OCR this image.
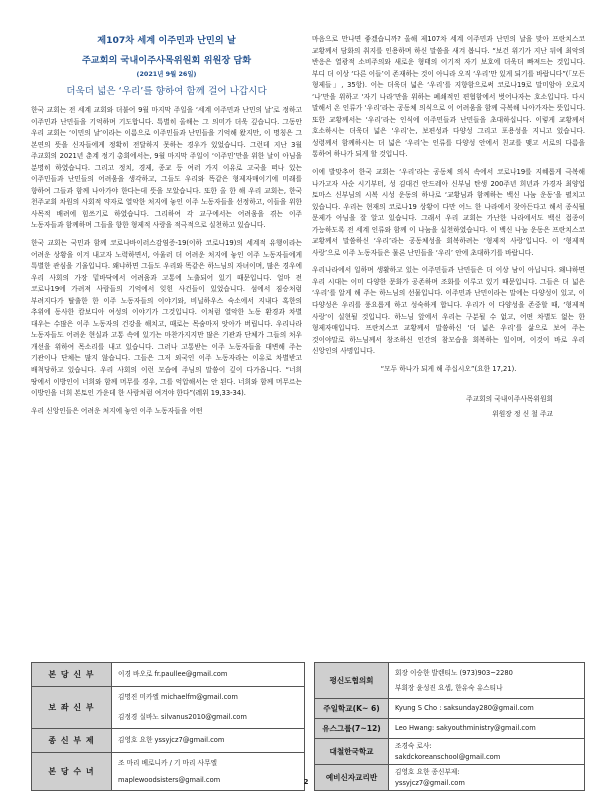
제107차 세계 이주민과 난민의 날
주교회의 국내이주사목위원회 위원장 담화
(2021년 9월 26일)
더욱더 넓은 ‘우리’를 향하여 함께 걸어 나갑시다

한국 교회는 전 세계 교회와 더불어 9월 마지막 주일을 ‘세계 이주민과 난민의 날’로 정하고 이주민과 난민들을 기억하며 기도합니다. 특별히 올해는 그 의미가 더욱 깊습니다. 그동안 우리 교회는 ‘이민의 날’이라는 이름으로 이주민들과 난민들을 기억해 왔지만, 이 명칭은 그 본연의 뜻을 신자들에게 정확히 전달하지 못하는 경우가 있었습니다. 그런데 지난 3월 주교회의 2021년 춘계 정기 총회에서는, 9월 마지막 주일이 ‘이주민’만을 위한 날이 아님을 분명히 하였습니다. 그리고 정치, 경제, 종교 등 여러 가지 이유로 고국을 떠나 있는 이주민들과 난민들의 어려움을 생각하고, 그들도 우리와 똑같은 형제자매이기에 미래를 향하여 그들과 함께 나아가야 한다는데 뜻을 모았습니다. 또한 올 한 해 우리 교회는, 한국 천주교회 차원의 사회적 약자로 열악한 처지에 놓인 이주 노동자들을 선정하고, 이들을 위한 사목적 배려에 힘쓰기로 하였습니다. 그리하여 각 교구에서는 어려움을 겪는 이주 노동자들과 함께하며 그들을 향한 형제적 사랑을 적극적으로 실천하고 있습니다.

한국 교회는 국민과 함께 코로나바이러스감염증-19(이하 코로나19)의 세계적 유행이라는 어려운 상황을 이겨 내고자 노력하면서, 아울러 더 어려운 처지에 놓인 이주 노동자들에게 특별한 관심을 기울입니다. 왜냐하면 그들도 우리와 똑같은 하느님의 자녀이며, 많은 경우에 우리 사회의 가장 밑바닥에서 어려움과 고통에 노출되어 있기 때문입니다. 얼마 전 코로나19에 가려져 사람들의 기억에서 잊힌 사건들이 있었습니다. 섬에서 짐승처럼 부려지다가 탈출한 한 이주 노동자들의 이야기와, 비닐하우스 숙소에서 지내다 혹한의 추위에 동사한 캄보디아 여성의 이야기가 그것입니다. 이처럼 열악한 노동 환경과 차별 대우는 수많은 이주 노동자의 건강을 해치고, 때로는 목숨마저 앗아가 버립니다. 우리나라 노동자들도 어려운 현실과 고통 속에 있기는 마찬가지지만 많은 기관과 단체가 그들의 처우 개선을 위하여 목소리를 내고 있습니다. 그러나 고통받는 이주 노동자들을 대변해 주는 기관이나 단체는 많지 않습니다. 그들은 그저 외국인 이주 노동자라는 이유로 차별받고 배척당하고 있습니다. 우리 사회의 이런 모습에 주님의 말씀이 깊이 다가옵니다. “너희 땅에서 이방인이 너희와 함께 머무를 경우, 그를 억압해서는 안 된다. 너희와 함께 머무르는 이방인을 너희 본토인 가운데 한 사람처럼 여겨야 한다”(레위 19,33-34).

우리 신앙인들은 어려운 처지에 놓인 이주 노동자들을 어떤

마음으로 만나면 좋겠습니까? 올해 제107차 세계 이주민과 난민의 날을 맞아 프란치스코 교황께서 담화의 취지를 인용하며 하신 말씀을 새겨 봅니다. “보건 위기가 지난 뒤에 최악의 반응은 열광적 소비주의와 새로운 형태의 이기적 자기 보호에 더욱더 빠져드는 것입니다. 부디 더 이상 ‘다른 이들’이 존재하는 것이 아니라 오직 ‘우리’만 있게 되기를 바랍니다”(「모든 형제들」, 35항). 이는 더욱더 넓은 ‘우리’를 지향함으로써 코로나19로 말미암아 오로지 ‘나’만을 위하고 ‘자기 나라’만을 위하는 폐쇄적인 편협함에서 벗어나자는 호소입니다. 다시 말해서 온 인류가 ‘우리’라는 공동체 의식으로 이 어려움을 함께 극복해 나아가자는 뜻입니다. 또한 교황께서는 ‘우리’라는 인식에 이주민들과 난민들을 초대하십니다. 이렇게 교황께서 호소하시는 더욱더 넓은 ‘우리’는, 보편성과 다양성 그리고 포용성을 지니고 있습니다. 성령께서 함께하시는 더 넓은 ‘우리’는 인류를 다양성 안에서 친교를 맺고 서로의 다름을 통하여 하나가 되게 할 것입니다.

이에 발맞추어 한국 교회는 ‘우리’라는 공동체 의식 속에서 코로나19를 지혜롭게 극복해 나가고자 사순 시기부터, 성 김대건 안드레아 신부님 탄생 200주년 희년과 가경자 최양업 토마스 신부님의 시복 시성 운동의 하나로 ‘교황님과 함께하는 백신 나눔 운동’을 펼치고 있습니다. 우리는 현재의 코로나19 상황이 다만 어느 한 나라에서 잦아든다고 해서 종식될 문제가 아님을 잘 알고 있습니다. 그래서 우리 교회는 가난한 나라에서도 백신 접종이 가능하도록 전 세계 인류와 함께 이 나눔을 실천하였습니다. 이 백신 나눔 운동은 프란치스코 교황께서 말씀하신 ‘우리’라는 공동체성을 회복하려는 ‘형제적 사랑’입니다. 이 ‘형제적 사랑’으로 이주 노동자들은 물론 난민들을 ‘우리’ 안에 초대하기를 바랍니다.

우리나라에서 일하며 생활하고 있는 이주민들과 난민들은 더 이상 남이 아닙니다. 왜냐하면 우리 시대는 이미 다양한 문화가 공존하며 조화를 이루고 있기 때문입니다. 그들은 더 넓은 ‘우리’를 알게 해 주는 하느님의 선물입니다. 이주민과 난민이라는 말에는 다양성이 있고, 이 다양성은 우리를 풍요롭게 하고 성숙하게 합니다. 우리가 이 다양성을 존중할 때, ‘형제적 사랑’이 실현될 것입니다. 하느님 앞에서 우리는 구분될 수 없고, 어떤 차별도 없는 한 형제자매입니다. 프란치스코 교황께서 말씀하신 ‘더 넓은 우리’를 삶으로 보여 주는 것이야말로 하느님께서 창조하신 인간의 참모습을 회복하는 일이며, 이것이 바로 우리 신앙인의 사명입니다.

“모두 하나가 되게 해 주십시오”(요한 17,21).

주교회의 국내이주사목위원회
위원장 정 신 철 주교
본 당 신 부	이경 바오로 fr.paullee@gmail.com

보 좌 신 부	김명진 미카엘 michaelfm@gmail.com
김정경 실바노 silvanus2010@gmail.com

종 신 부 제	김영호 요한 yssyjcz7@gmail.com

본 당 수 녀	조 마리 베로니카 / 기 마리 사무엘
maplewoodsisters@gmail.com
평신도협의회	회장 이승한 발렌티노 (973)903~2280
부회장 윤성진 요셉, 한유숙 유스티나

주일학교(K~ 6)	Kyung S Cho : saksunday280@gmail.com

유스그룹(7~12)	Leo Hwang: sakyouthministry@gmail.com

대철한국학교	조경숙 로사:
sakdckoreanschool@gmail.com

예비신자교리반	김영호 요한 종신부제:
yssyjcz7@gmail.com
2
